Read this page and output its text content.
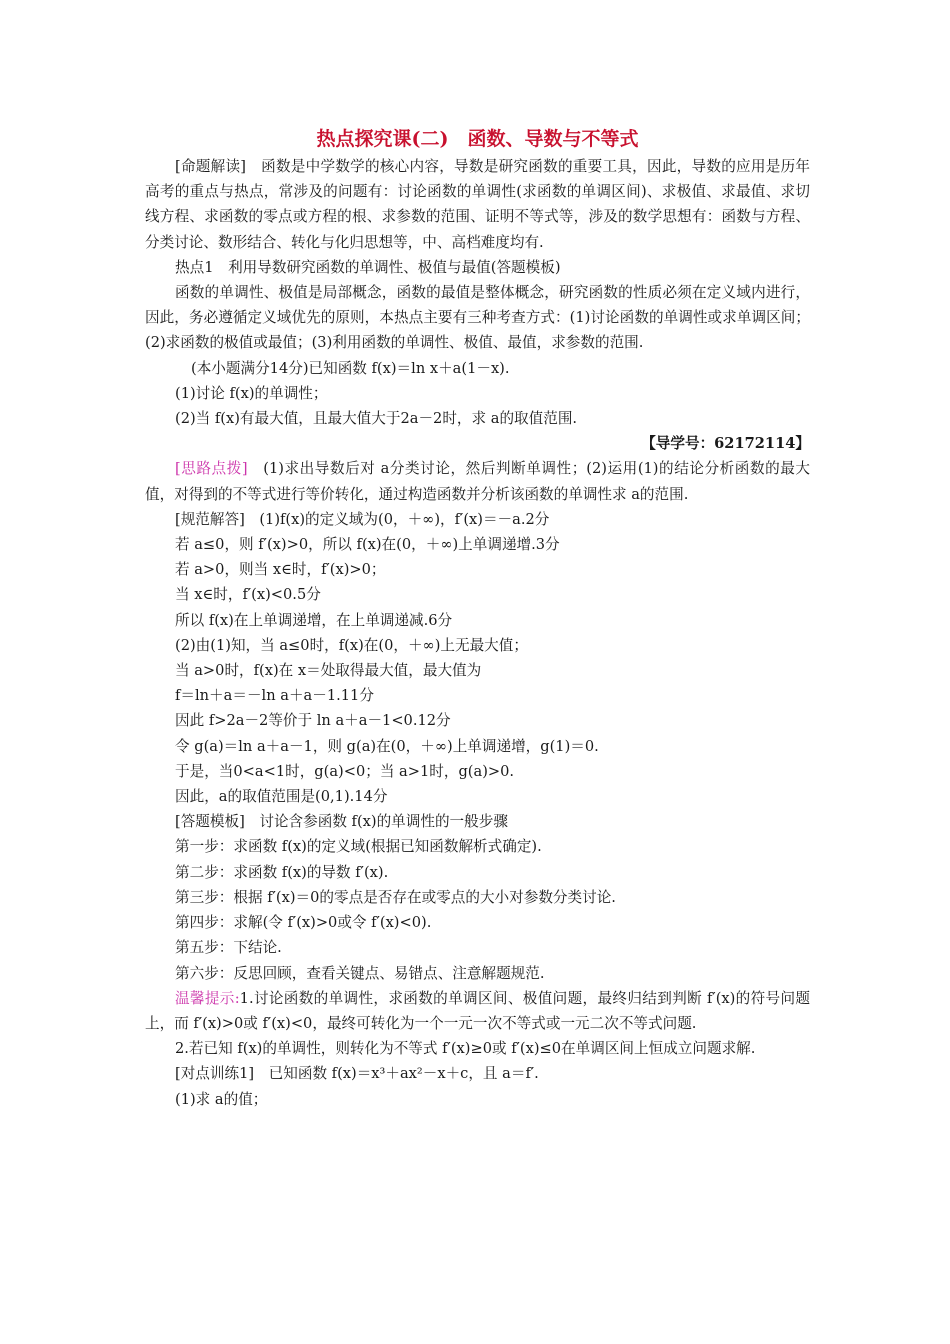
热点探究课(二)　函数、导数与不等式

[命题解读]　函数是中学数学的核心内容，导数是研究函数的重要工具，因此，导数的应用是历年高考的重点与热点，常涉及的问题有：讨论函数的单调性(求函数的单调区间)、求极值、求最值、求切线方程、求函数的零点或方程的根、求参数的范围、证明不等式等，涉及的数学思想有：函数与方程、分类讨论、数形结合、转化与化归思想等，中、高档难度均有.

热点1　利用导数研究函数的单调性、极值与最值(答题模板)

函数的单调性、极值是局部概念，函数的最值是整体概念，研究函数的性质必须在定义域内进行，因此，务必遵循定义域优先的原则，本热点主要有三种考查方式：(1)讨论函数的单调性或求单调区间；(2)求函数的极值或最值；(3)利用函数的单调性、极值、最值，求参数的范围.

(本小题满分14分)已知函数 f(x)＝ln x＋a(1－x).

(1)讨论 f(x)的单调性；

(2)当 f(x)有最大值，且最大值大于2a－2时，求 a的取值范围.

【导学号：62172114】

[思路点拨]　(1)求出导数后对 a分类讨论，然后判断单调性；(2)运用(1)的结论分析函数的最大值，对得到的不等式进行等价转化，通过构造函数并分析该函数的单调性求 a的范围.

[规范解答]　(1)f(x)的定义域为(0，＋∞)，f′(x)＝－a.2分

若 a≤0，则 f′(x)>0，所以 f(x)在(0，＋∞)上单调递增.3分

若 a>0，则当 x∈时，f′(x)>0；

当 x∈时，f′(x)<0.5分

所以 f(x)在上单调递增，在上单调递减.6分

(2)由(1)知，当 a≤0时，f(x)在(0，＋∞)上无最大值；

当 a>0时，f(x)在 x＝处取得最大值，最大值为

f＝ln＋a＝－ln a＋a－1.11分

因此 f>2a－2等价于 ln a＋a－1<0.12分

令 g(a)＝ln a＋a－1，则 g(a)在(0，＋∞)上单调递增，g(1)＝0.

于是，当0<a<1时，g(a)<0；当 a>1时，g(a)>0.

因此，a的取值范围是(0,1).14分

[答题模板]　讨论含参函数 f(x)的单调性的一般步骤

第一步：求函数 f(x)的定义域(根据已知函数解析式确定).

第二步：求函数 f(x)的导数 f′(x).

第三步：根据 f′(x)＝0的零点是否存在或零点的大小对参数分类讨论.

第四步：求解(令 f′(x)>0或令 f′(x)<0).

第五步：下结论.

第六步：反思回顾，查看关键点、易错点、注意解题规范.

温馨提示:1.讨论函数的单调性，求函数的单调区间、极值问题，最终归结到判断 f′(x)的符号问题上，而 f′(x)>0或 f′(x)<0，最终可转化为一个一元一次不等式或一元二次不等式问题.

2.若已知 f(x)的单调性，则转化为不等式 f′(x)≥0或 f′(x)≤0在单调区间上恒成立问题求解.

[对点训练1]　已知函数 f(x)＝x³＋ax²－x＋c，且 a＝f′.

(1)求 a的值；
